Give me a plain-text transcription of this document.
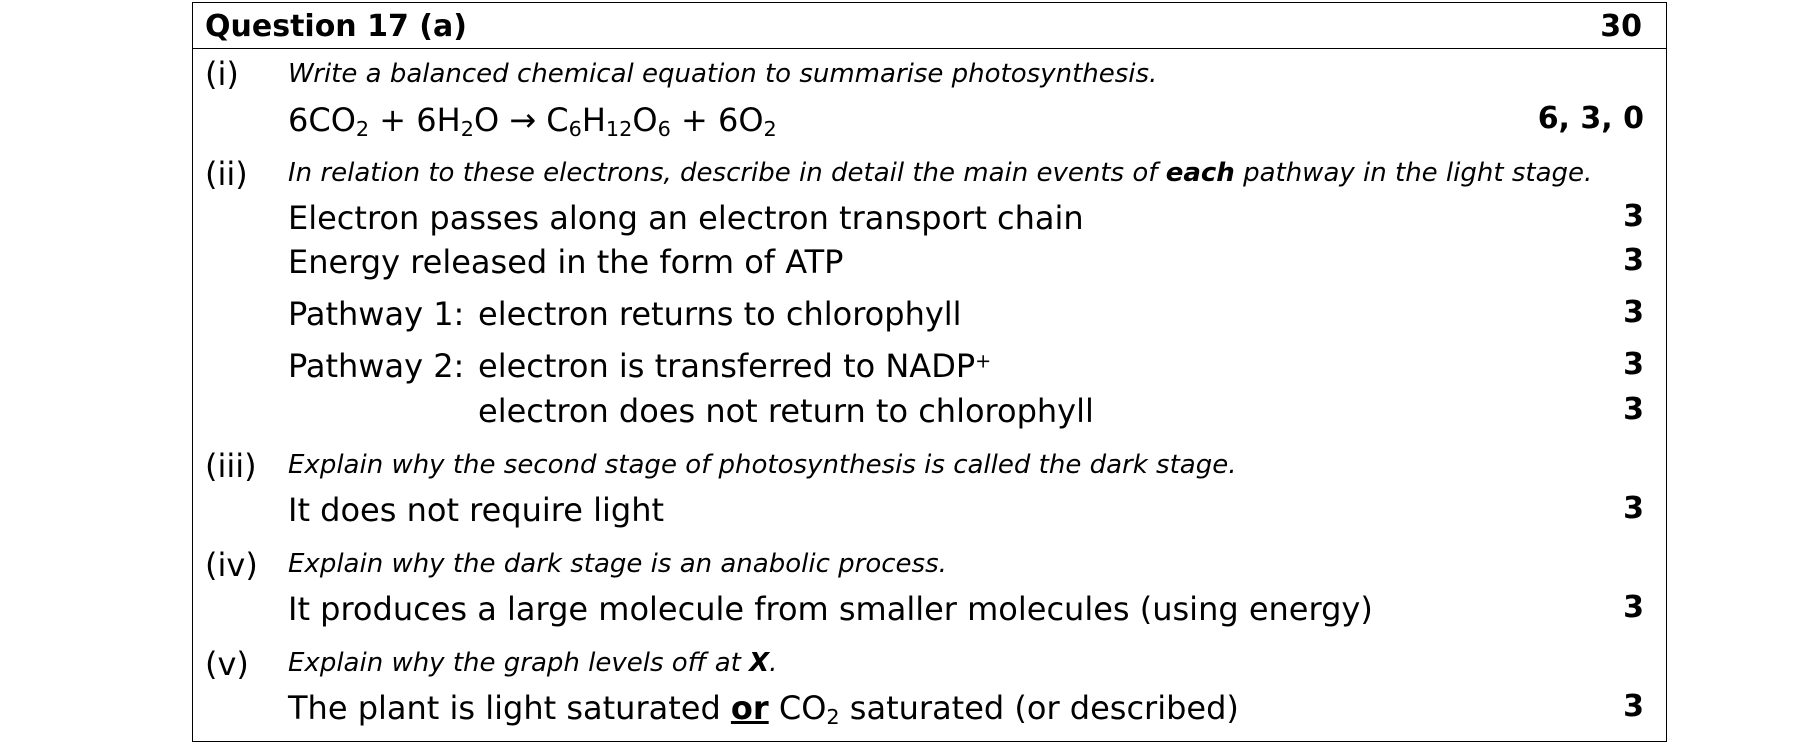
Question 17 (a)	30
(i) Write a balanced chemical equation to summarise photosynthesis.
$6CO_2 + 6H_2O \to C_6H_{12}O_6 + 6O_2$	6, 3, 0
(ii) In relation to these electrons, describe in detail the main events of each pathway in the light stage.
Electron passes along an electron transport chain	3
Energy released in the form of ATP	3
Pathway 1: electron returns to chlorophyll	3
Pathway 2: electron is transferred to NADP+	3
electron does not return to chlorophyll	3
(iii) Explain why the second stage of photosynthesis is called the dark stage.
It does not require light	3
(iv) Explain why the dark stage is an anabolic process.
It produces a large molecule from smaller molecules (using energy)	3
(v) Explain why the graph levels off at X.
The plant is light saturated or $CO_2$ saturated (or described)	3
